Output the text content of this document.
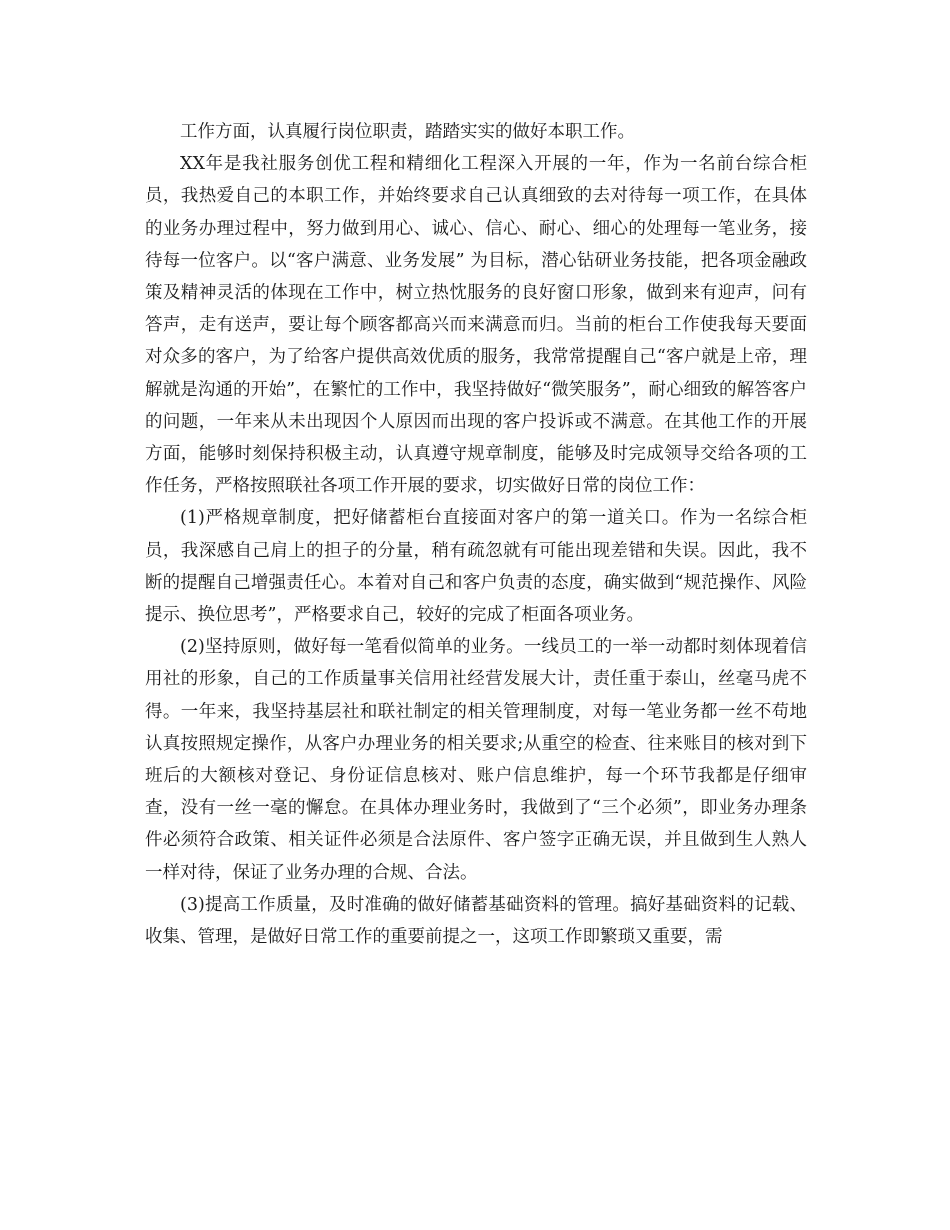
工作方面，认真履行岗位职责，踏踏实实的做好本职工作。

XX年是我社服务创优工程和精细化工程深入开展的一年，作为一名前台综合柜员，我热爱自己的本职工作，并始终要求自己认真细致的去对待每一项工作，在具体的业务办理过程中，努力做到用心、诚心、信心、耐心、细心的处理每一笔业务，接待每一位客户。以“客户满意、业务发展” 为目标，潜心钻研业务技能，把各项金融政策及精神灵活的体现在工作中，树立热忱服务的良好窗口形象，做到来有迎声，问有答声，走有送声，要让每个顾客都高兴而来满意而归。当前的柜台工作使我每天要面对众多的客户，为了给客户提供高效优质的服务，我常常提醒自己“客户就是上帝，理解就是沟通的开始”，在繁忙的工作中，我坚持做好“微笑服务”，耐心细致的解答客户的问题，一年来从未出现因个人原因而出现的客户投诉或不满意。在其他工作的开展方面，能够时刻保持积极主动，认真遵守规章制度，能够及时完成领导交给各项的工作任务，严格按照联社各项工作开展的要求，切实做好日常的岗位工作：

(1)严格规章制度，把好储蓄柜台直接面对客户的第一道关口。作为一名综合柜员，我深感自己肩上的担子的分量，稍有疏忽就有可能出现差错和失误。因此，我不断的提醒自己增强责任心。本着对自己和客户负责的态度，确实做到“规范操作、风险提示、换位思考”，严格要求自己，较好的完成了柜面各项业务。

(2)坚持原则，做好每一笔看似简单的业务。一线员工的一举一动都时刻体现着信用社的形象，自己的工作质量事关信用社经营发展大计，责任重于泰山，丝毫马虎不得。一年来，我坚持基层社和联社制定的相关管理制度，对每一笔业务都一丝不苟地认真按照规定操作，从客户办理业务的相关要求;从重空的检查、往来账目的核对到下班后的大额核对登记、身份证信息核对、账户信息维护，每一个环节我都是仔细审查，没有一丝一毫的懈怠。在具体办理业务时，我做到了“三个必须”，即业务办理条件必须符合政策、相关证件必须是合法原件、客户签字正确无误，并且做到生人熟人一样对待，保证了业务办理的合规、合法。

(3)提高工作质量，及时准确的做好储蓄基础资料的管理。搞好基础资料的记载、收集、管理，是做好日常工作的重要前提之一，这项工作即繁琐又重要，需
